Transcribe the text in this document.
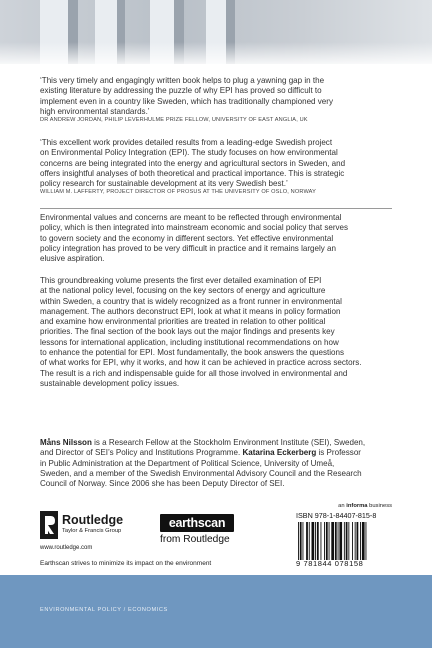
‘This very timely and engagingly written book helps to plug a yawning gap in the
existing literature by addressing the puzzle of why EPI has proved so difficult to
implement even in a country like Sweden, which has traditionally championed very
high environmental standards.’
DR ANDREW JORDAN, PHILIP LEVERHULME PRIZE FELLOW, UNIVERSITY OF EAST ANGLIA, UK
‘This excellent work provides detailed results from a leading-edge Swedish project
on Environmental Policy Integration (EPI). The study focuses on how environmental
concerns are being integrated into the energy and agricultural sectors in Sweden, and
offers insightful analyses of both theoretical and practical importance. This is strategic
policy research for sustainable development at its very Swedish best.’
WILLIAM M. LAFFERTY, PROJECT DIRECTOR OF PROSUS AT THE UNIVERSITY OF OSLO, NORWAY
Environmental values and concerns are meant to be reflected through environmental
policy, which is then integrated into mainstream economic and social policy that serves
to govern society and the economy in different sectors. Yet effective environmental
policy integration has proved to be very difficult in practice and it remains largely an
elusive aspiration.
This groundbreaking volume presents the first ever detailed examination of EPI
at the national policy level, focusing on the key sectors of energy and agriculture
within Sweden, a country that is widely recognized as a front runner in environmental
management. The authors deconstruct EPI, look at what it means in policy formation
and examine how environmental priorities are treated in relation to other political
priorities. The final section of the book lays out the major findings and presents key
lessons for international application, including institutional recommendations on how
to enhance the potential for EPI. Most fundamentally, the book answers the questions
of what works for EPI, why it works, and how it can be achieved in practice across sectors.
The result is a rich and indispensable guide for all those involved in environmental and
sustainable development policy issues.
Måns Nilsson is a Research Fellow at the Stockholm Environment Institute (SEI), Sweden,
and Director of SEI’s Policy and Institutions Programme. Katarina Eckerberg is Professor
in Public Administration at the Department of Political Science, University of Umeå,
Sweden, and a member of the Swedish Environmental Advisory Council and the Research
Council of Norway. Since 2006 she has been Deputy Director of SEI.
Routledge
Taylor & Francis Group
www.routledge.com
earthscan
from Routledge
an informa business
ISBN 978-1-84407-815-8
9 781844 078158
Earthscan strives to minimize its impact on the environment
ENVIRONMENTAL POLICY / ECONOMICS
